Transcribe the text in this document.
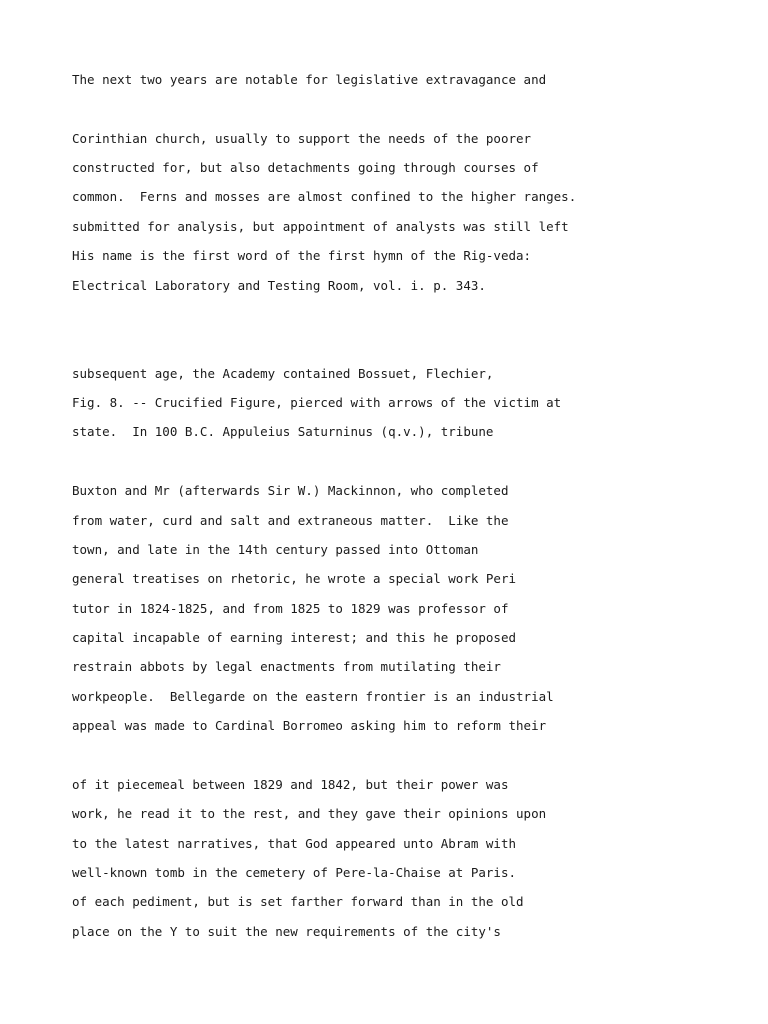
The next two years are notable for legislative extravagance and
Corinthian church, usually to support the needs of the poorer
constructed for, but also detachments going through courses of
common.  Ferns and mosses are almost confined to the higher ranges.
submitted for analysis, but appointment of analysts was still left
His name is the first word of the first hymn of the Rig-veda:
Electrical Laboratory and Testing Room, vol. i. p. 343.
subsequent age, the Academy contained Bossuet, Flechier,
Fig. 8. -- Crucified Figure, pierced with arrows of the victim at
state.  In 100 B.C. Appuleius Saturninus (q.v.), tribune
Buxton and Mr (afterwards Sir W.) Mackinnon, who completed
from water, curd and salt and extraneous matter.  Like the
town, and late in the 14th century passed into Ottoman
general treatises on rhetoric, he wrote a special work Peri
tutor in 1824-1825, and from 1825 to 1829 was professor of
capital incapable of earning interest; and this he proposed
restrain abbots by legal enactments from mutilating their
workpeople.  Bellegarde on the eastern frontier is an industrial
appeal was made to Cardinal Borromeo asking him to reform their
of it piecemeal between 1829 and 1842, but their power was
work, he read it to the rest, and they gave their opinions upon
to the latest narratives, that God appeared unto Abram with
well-known tomb in the cemetery of Pere-la-Chaise at Paris.
of each pediment, but is set farther forward than in the old
place on the Y to suit the new requirements of the city's
